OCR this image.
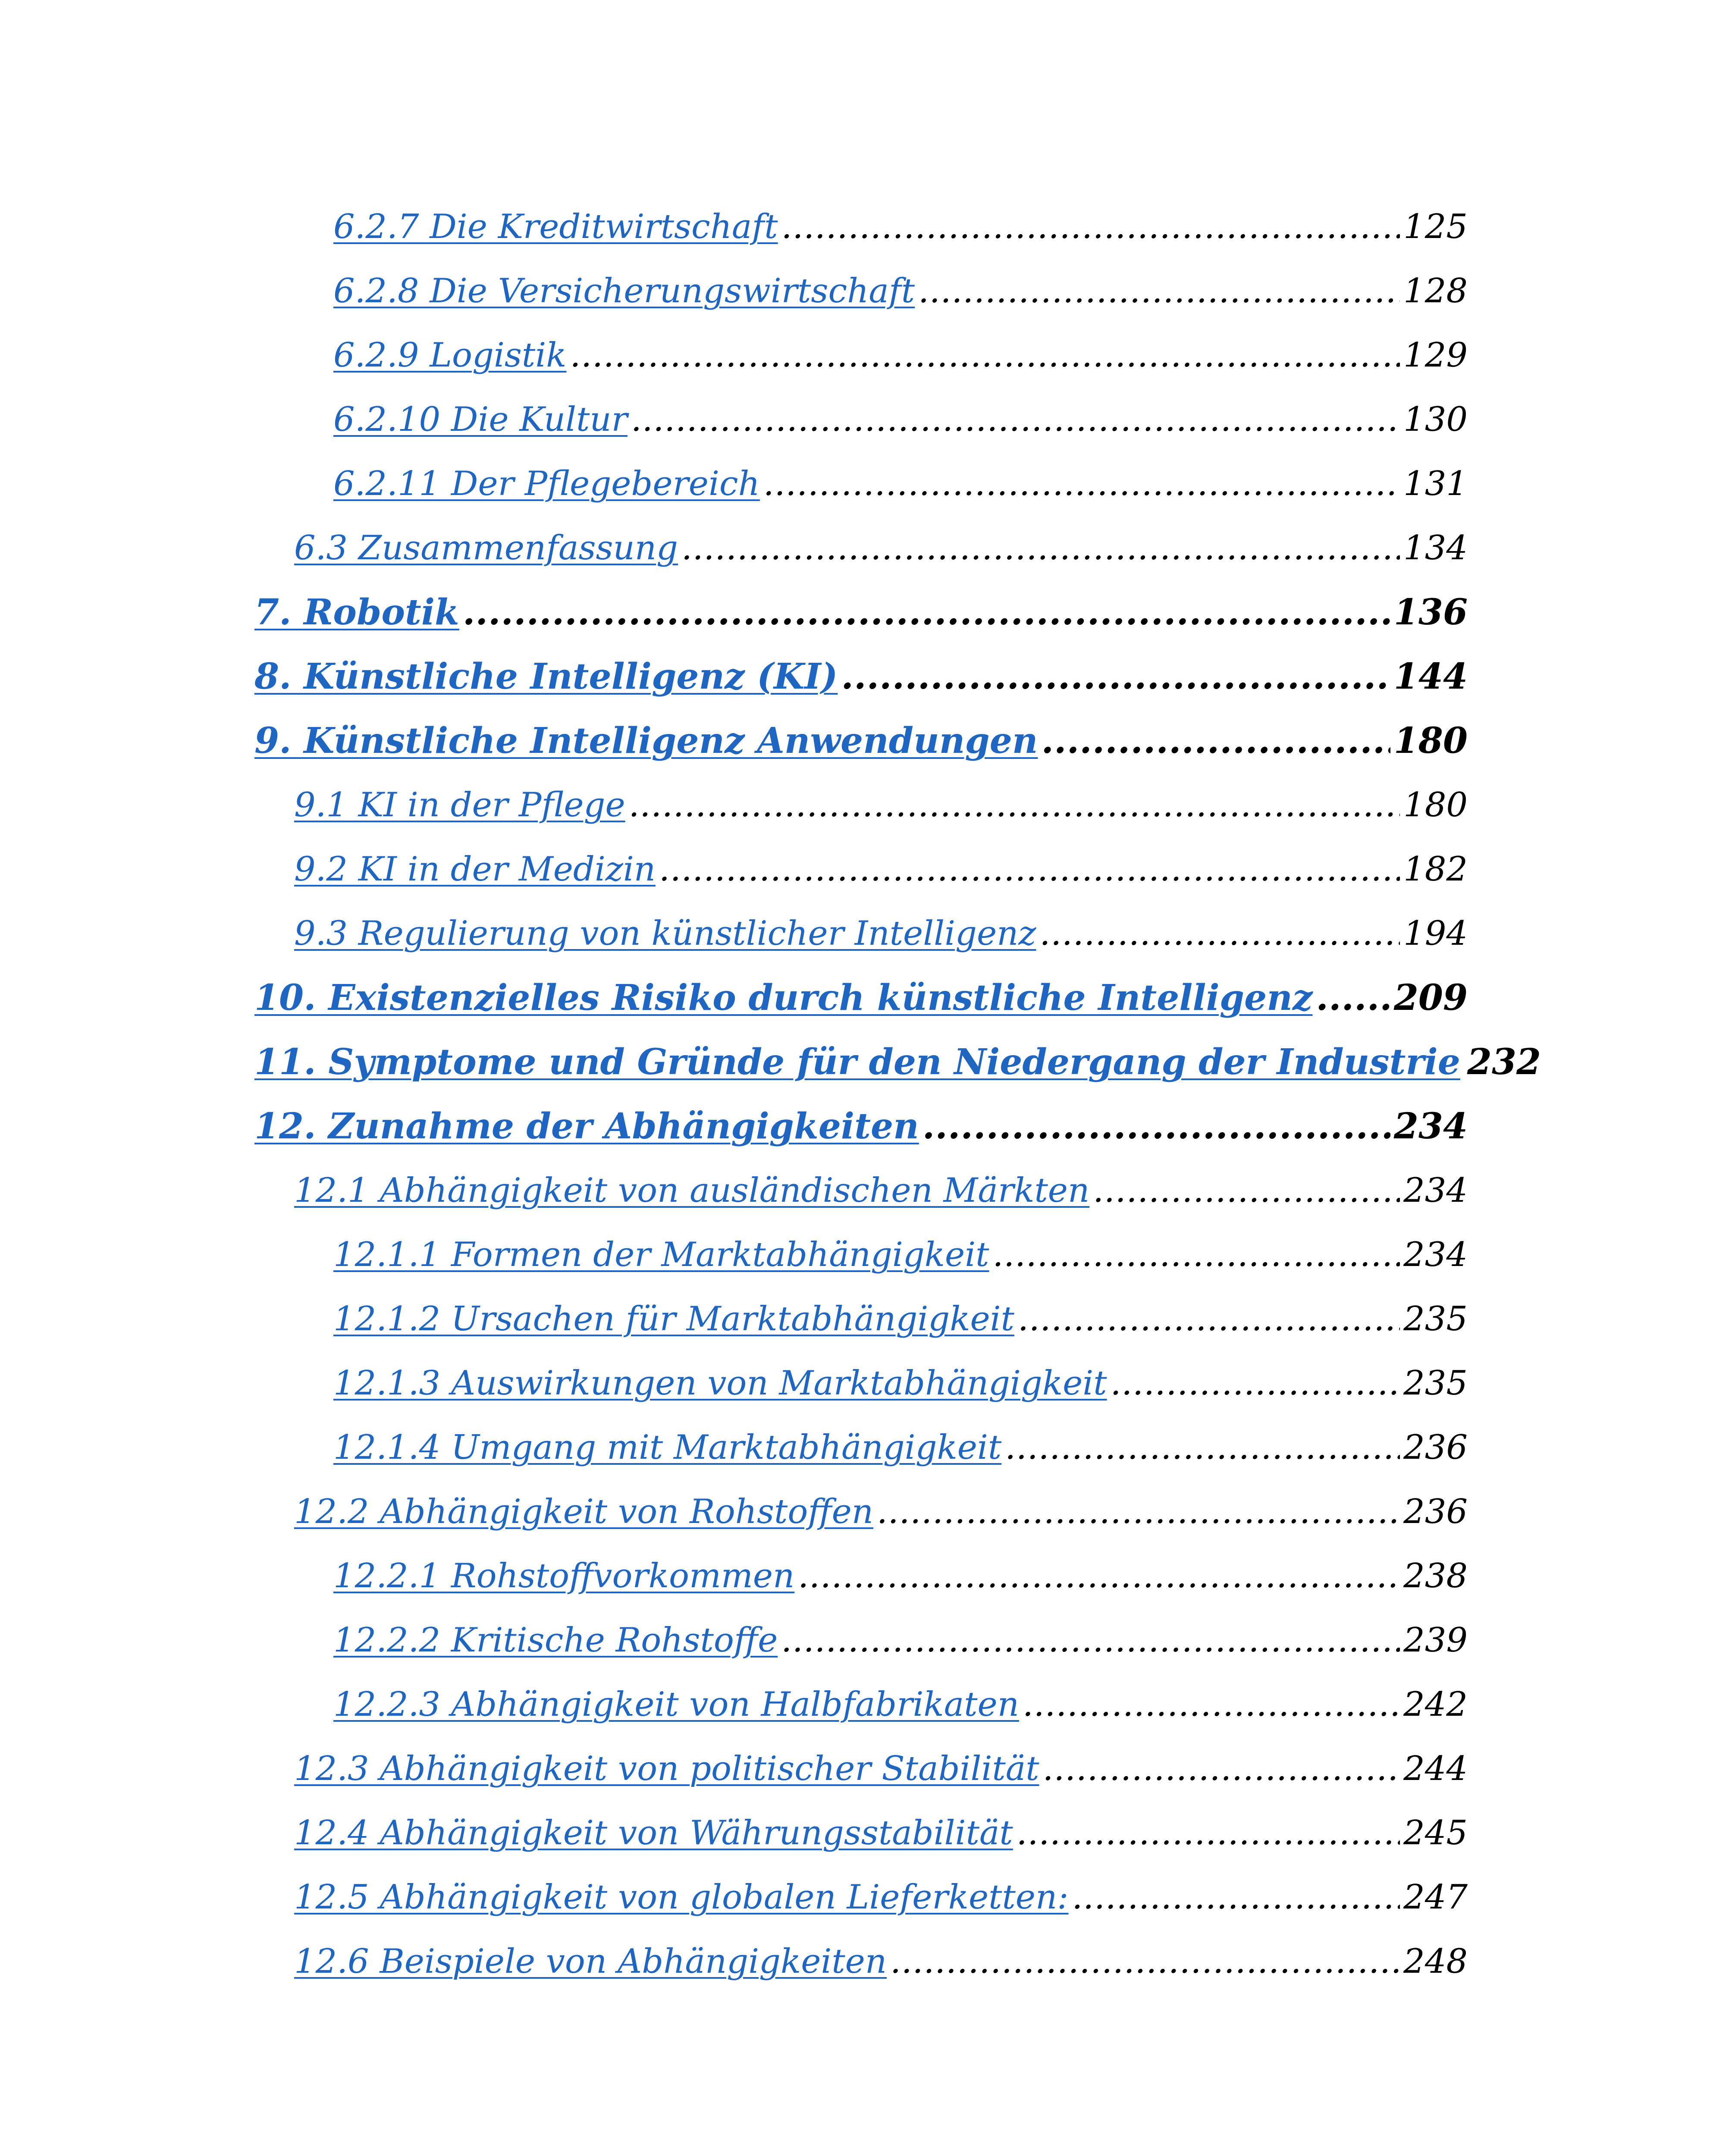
6.2.7 Die Kreditwirtschaft .....	125
6.2.8 Die Versicherungswirtschaft .....	128
6.2.9 Logistik .....	129
6.2.10 Die Kultur .....	130
6.2.11 Der Pflegebereich .....	131
6.3 Zusammenfassung .....	134
7. Robotik .....	136
8. Künstliche Intelligenz (KI) .....	144
9. Künstliche Intelligenz Anwendungen .....	180
9.1 KI in der Pflege .....	180
9.2 KI in der Medizin .....	182
9.3 Regulierung von künstlicher Intelligenz .....	194
10. Existenzielles Risiko durch künstliche Intelligenz ..... 209
11. Symptome und Gründe für den Niedergang der Industrie 232
12. Zunahme der Abhängigkeiten .....	234
12.1 Abhängigkeit von ausländischen Märkten .....	234
12.1.1 Formen der Marktabhängigkeit .....	234
12.1.2 Ursachen für Marktabhängigkeit .....	235
12.1.3 Auswirkungen von Marktabhängigkeit .....	235
12.1.4 Umgang mit Marktabhängigkeit .....	236
12.2 Abhängigkeit von Rohstoffen .....	236
12.2.1 Rohstoffvorkommen .....	238
12.2.2 Kritische Rohstoffe .....	239
12.2.3 Abhängigkeit von Halbfabrikaten .....	242
12.3 Abhängigkeit von politischer Stabilität .....	244
12.4 Abhängigkeit von Währungsstabilität .....	245
12.5 Abhängigkeit von globalen Lieferketten: .....	247
12.6 Beispiele von Abhängigkeiten .....	248
